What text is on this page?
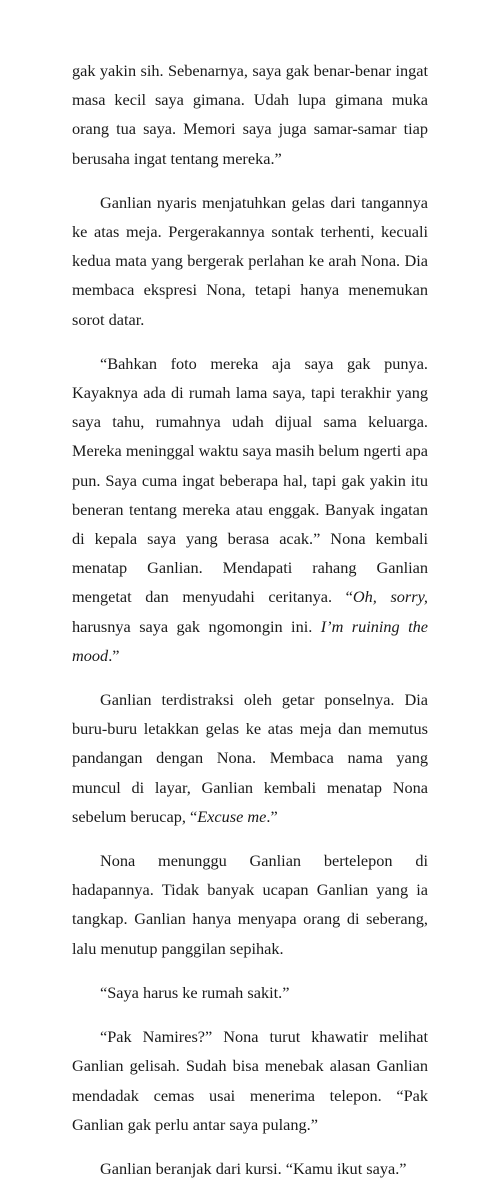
gak yakin sih. Sebenarnya, saya gak benar-benar ingat masa kecil saya gimana. Udah lupa gimana muka orang tua saya. Memori saya juga samar-samar tiap berusaha ingat tentang mereka.”

Ganlian nyaris menjatuhkan gelas dari tangannya ke atas meja. Pergerakannya sontak terhenti, kecuali kedua mata yang bergerak perlahan ke arah Nona. Dia membaca ekspresi Nona, tetapi hanya menemukan sorot datar.

“Bahkan foto mereka aja saya gak punya. Kayaknya ada di rumah lama saya, tapi terakhir yang saya tahu, rumahnya udah dijual sama keluarga. Mereka meninggal waktu saya masih belum ngerti apa pun. Saya cuma ingat beberapa hal, tapi gak yakin itu beneran tentang mereka atau enggak. Banyak ingatan di kepala saya yang berasa acak.” Nona kembali menatap Ganlian. Mendapati rahang Ganlian mengetat dan menyudahi ceritanya. “Oh, sorry, harusnya saya gak ngomongin ini. I’m ruining the mood.”

Ganlian terdistraksi oleh getar ponselnya. Dia buru-buru letakkan gelas ke atas meja dan memutus pandangan dengan Nona. Membaca nama yang muncul di layar, Ganlian kembali menatap Nona sebelum berucap, “Excuse me.”

Nona menunggu Ganlian bertelepon di hadapannya. Tidak banyak ucapan Ganlian yang ia tangkap. Ganlian hanya menyapa orang di seberang, lalu menutup panggilan sepihak.

“Saya harus ke rumah sakit.”

“Pak Namires?” Nona turut khawatir melihat Ganlian gelisah. Sudah bisa menebak alasan Ganlian mendadak cemas usai menerima telepon. “Pak Ganlian gak perlu antar saya pulang.”

Ganlian beranjak dari kursi. “Kamu ikut saya.”
